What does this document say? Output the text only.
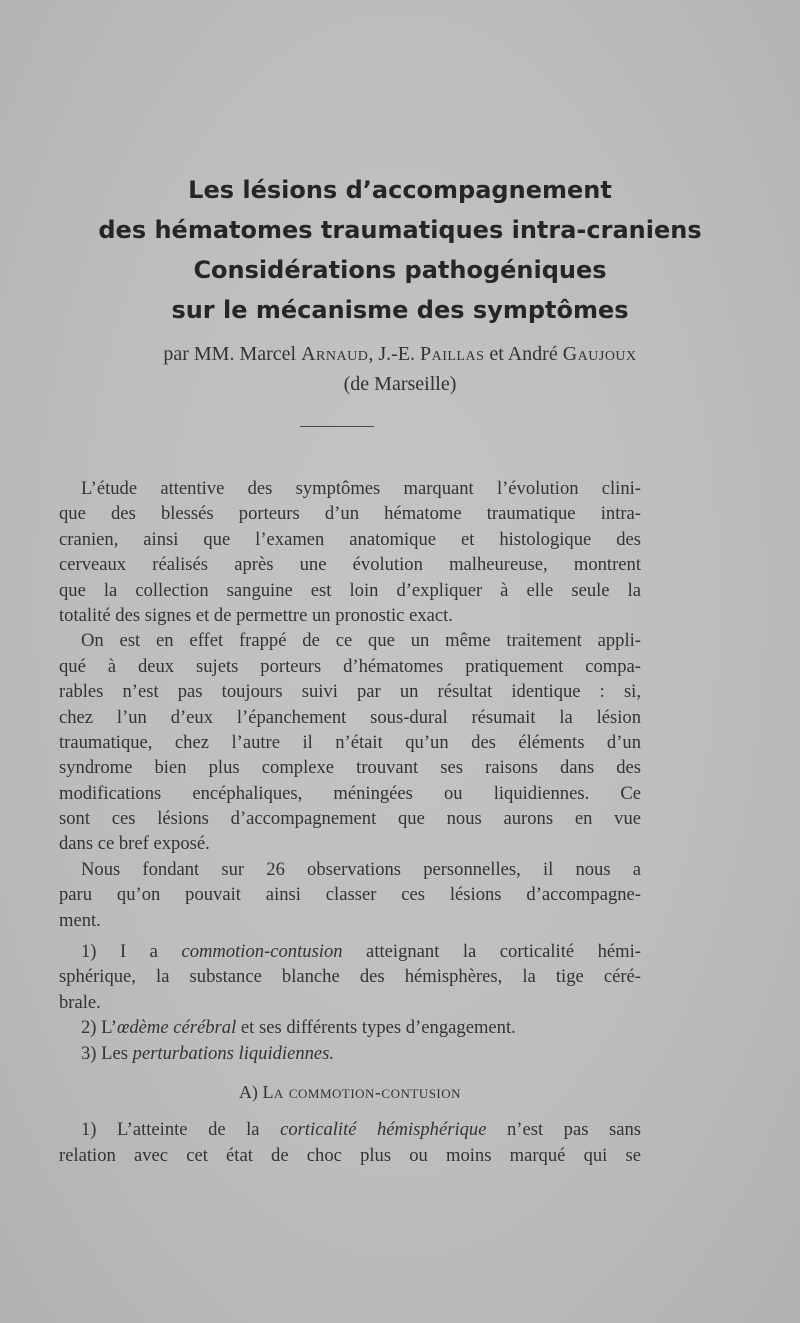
Les lésions d’accompagnement
des hématomes traumatiques intra-craniens
Considérations pathogéniques
sur le mécanisme des symptômes
par MM. Marcel Arnaud, J.-E. Paillas et André Gaujoux
(de Marseille)
L’étude attentive des symptômes marquant l’évolution clini-
que des blessés porteurs d’un hématome traumatique intra-
cranien, ainsi que l’examen anatomique et histologique des
cerveaux réalisés après une évolution malheureuse, montrent
que la collection sanguine est loin d’expliquer à elle seule la
totalité des signes et de permettre un pronostic exact.
On est en effet frappé de ce que un même traitement appli-
qué à deux sujets porteurs d’hématomes pratiquement compa-
rables n’est pas toujours suivi par un résultat identique : si,
chez l’un d’eux l’épanchement sous-dural résumait la lésion
traumatique, chez l’autre il n’était qu’un des éléments d’un
syndrome bien plus complexe trouvant ses raisons dans des
modifications encéphaliques, méningées ou liquidiennes. Ce
sont ces lésions d’accompagnement que nous aurons en vue
dans ce bref exposé.
Nous fondant sur 26 observations personnelles, il nous a
paru qu’on pouvait ainsi classer ces lésions d’accompagne-
ment.
1) I a commotion-contusion atteignant la corticalité hémi-
sphérique, la substance blanche des hémisphères, la tige céré-
brale.
2) L’œdème cérébral et ses différents types d’engagement.
3) Les perturbations liquidiennes.
A) La commotion-contusion
1) L’atteinte de la corticalité hémisphérique n’est pas sans
relation avec cet état de choc plus ou moins marqué qui se
